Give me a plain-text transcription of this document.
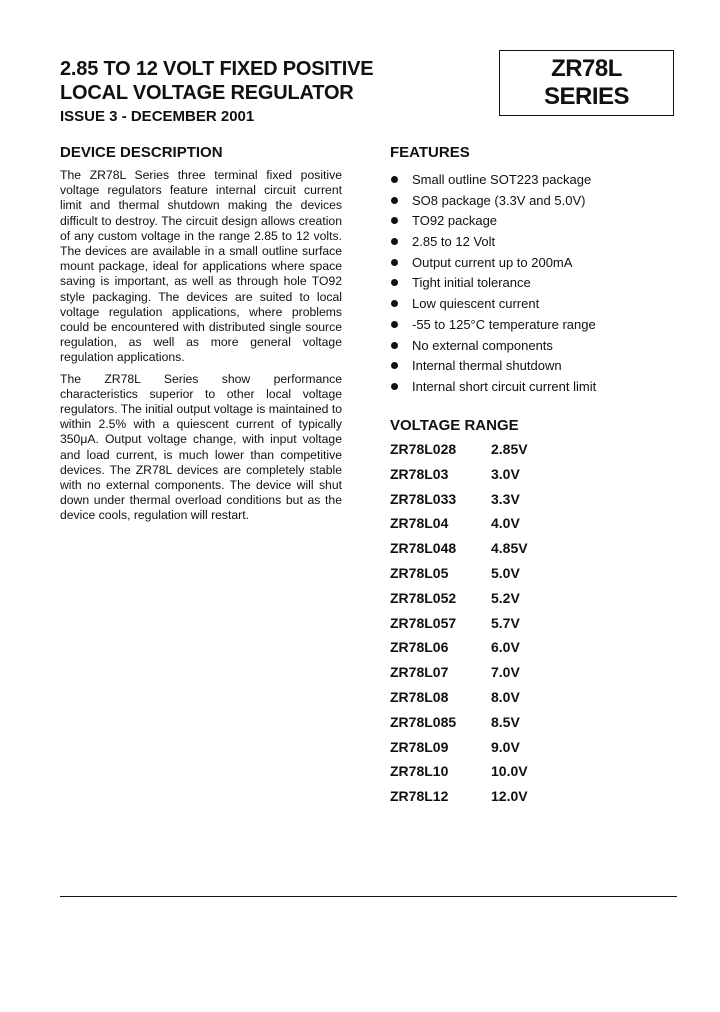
2.85 TO 12 VOLT FIXED POSITIVE
LOCAL VOLTAGE REGULATOR
ISSUE 3 - DECEMBER 2001
ZR78L
SERIES
DEVICE DESCRIPTION

The ZR78L Series three terminal fixed positive voltage regulators feature internal circuit current limit and thermal shutdown making the devices difficult to destroy. The circuit design allows creation of any custom voltage in the range 2.85 to 12 volts. The devices are available in a small outline surface mount package, ideal for applications where space saving is important, as well as through hole TO92 style packaging. The devices are suited to local voltage regulation applications, where problems could be encountered with distributed single source regulation, as well as more general voltage regulation applications.

The ZR78L Series show performance characteristics superior to other local voltage regulators. The initial output voltage is maintained to within 2.5% with a quiescent current of typically 350μA. Output voltage change, with input voltage and load current, is much lower than competitive devices. The ZR78L devices are completely stable with no external components. The device will shut down under thermal overload conditions but as the device cools, regulation will restart.

FEATURES
Small outline SOT223 package
SO8 package (3.3V and 5.0V)
TO92 package
2.85 to 12 Volt
Output current up to 200mA
Tight initial tolerance
Low quiescent current
-55 to 125°C temperature range
No external components
Internal thermal shutdown
Internal short circuit current limit
VOLTAGE RANGE
ZR78L028	2.85V
ZR78L03	3.0V
ZR78L033	3.3V
ZR78L04	4.0V
ZR78L048	4.85V
ZR78L05	5.0V
ZR78L052	5.2V
ZR78L057	5.7V
ZR78L06	6.0V
ZR78L07	7.0V
ZR78L08	8.0V
ZR78L085	8.5V
ZR78L09	9.0V
ZR78L10	10.0V
ZR78L12	12.0V
